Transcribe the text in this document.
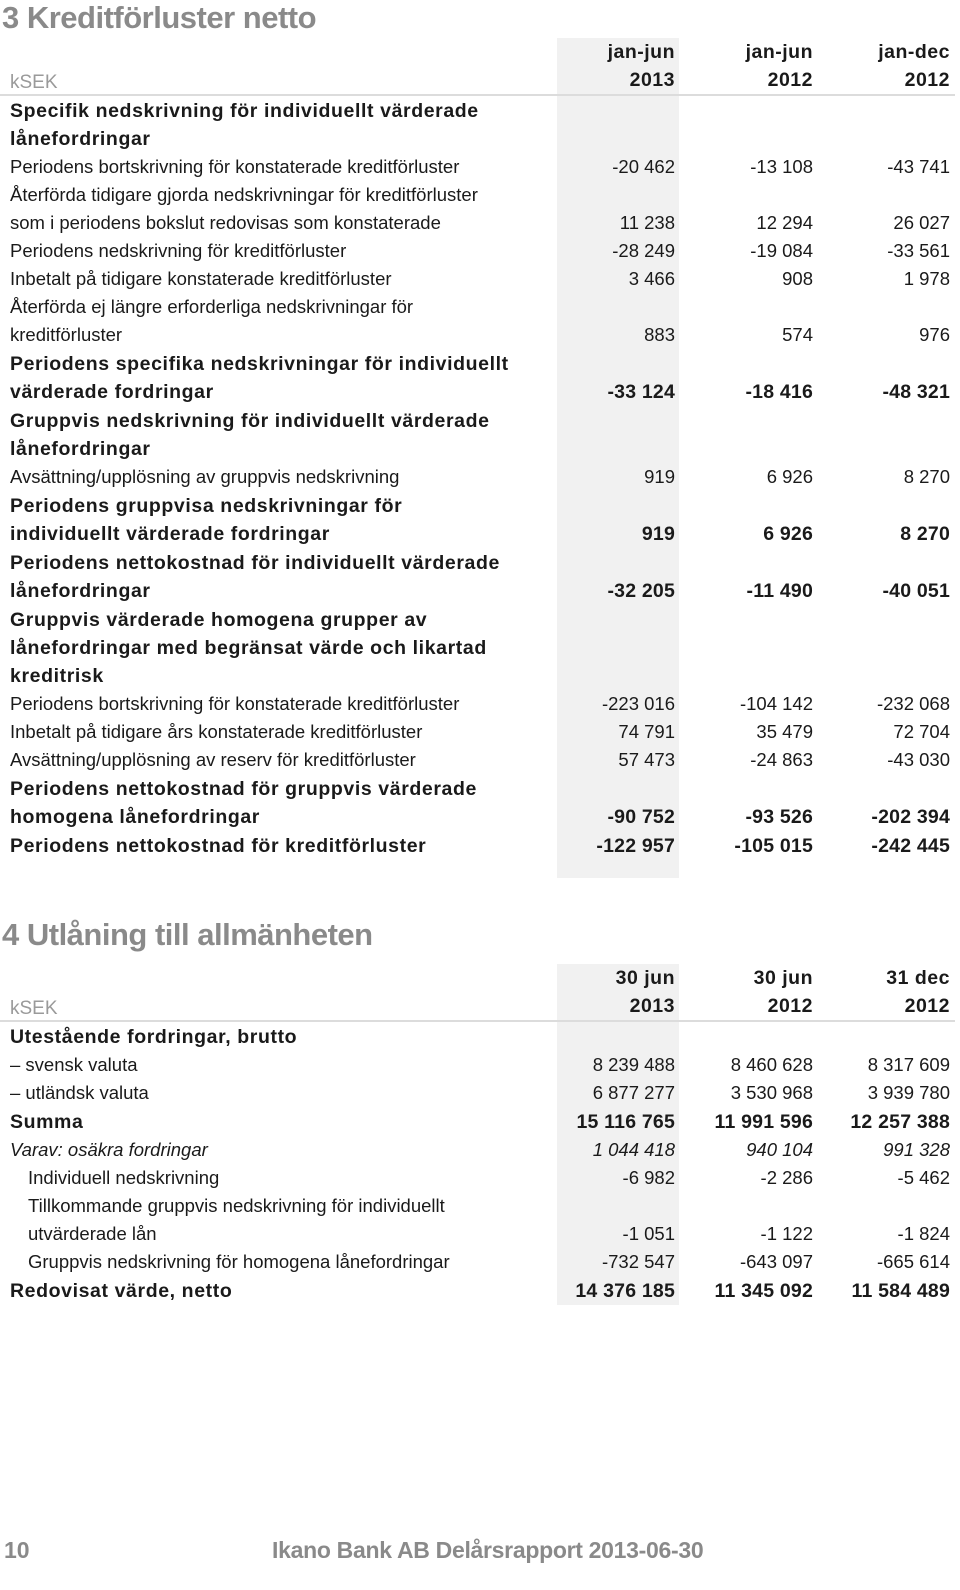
3 Kreditförluster netto
jan-jun	jan-jun	jan-dec
kSEK	2013	2012	2012
Specifik nedskrivning för individuellt värderade
lånefordringar
Periodens bortskrivning för konstaterade kreditförluster	-20 462	-13 108	-43 741
Återförda tidigare gjorda nedskrivningar för kreditförluster
som i periodens bokslut redovisas som konstaterade	11 238	12 294	26 027
Periodens nedskrivning för kreditförluster	-28 249	-19 084	-33 561
Inbetalt på tidigare konstaterade kreditförluster	3 466	908	1 978
Återförda ej längre erforderliga nedskrivningar för
kreditförluster	883	574	976
Periodens specifika nedskrivningar för individuellt
värderade fordringar	-33 124	-18 416	-48 321
Gruppvis nedskrivning för individuellt värderade
lånefordringar
Avsättning/upplösning av gruppvis nedskrivning	919	6 926	8 270
Periodens gruppvisa nedskrivningar för
individuellt värderade fordringar	919	6 926	8 270
Periodens nettokostnad för individuellt värderade
lånefordringar	-32 205	-11 490	-40 051
Gruppvis värderade homogena grupper av
lånefordringar med begränsat värde och likartad
kreditrisk
Periodens bortskrivning för konstaterade kreditförluster	-223 016	-104 142	-232 068
Inbetalt på tidigare års konstaterade kreditförluster	74 791	35 479	72 704
Avsättning/upplösning av reserv för kreditförluster	57 473	-24 863	-43 030
Periodens nettokostnad för gruppvis värderade
homogena lånefordringar	-90 752	-93 526	-202 394
Periodens nettokostnad för kreditförluster	-122 957	-105 015	-242 445
4 Utlåning till allmänheten
30 jun	30 jun	31 dec
kSEK	2013	2012	2012
Utestående fordringar, brutto
– svensk valuta	8 239 488	8 460 628	8 317 609
– utländsk valuta	6 877 277	3 530 968	3 939 780
Summa	15 116 765	11 991 596	12 257 388
Varav: osäkra fordringar	1 044 418	940 104	991 328
Individuell nedskrivning	-6 982	-2 286	-5 462
Tillkommande gruppvis nedskrivning för individuellt
utvärderade lån	-1 051	-1 122	-1 824
Gruppvis nedskrivning för homogena lånefordringar	-732 547	-643 097	-665 614
Redovisat värde, netto	14 376 185	11 345 092	11 584 489
10	Ikano Bank AB Delårsrapport 2013-06-30
